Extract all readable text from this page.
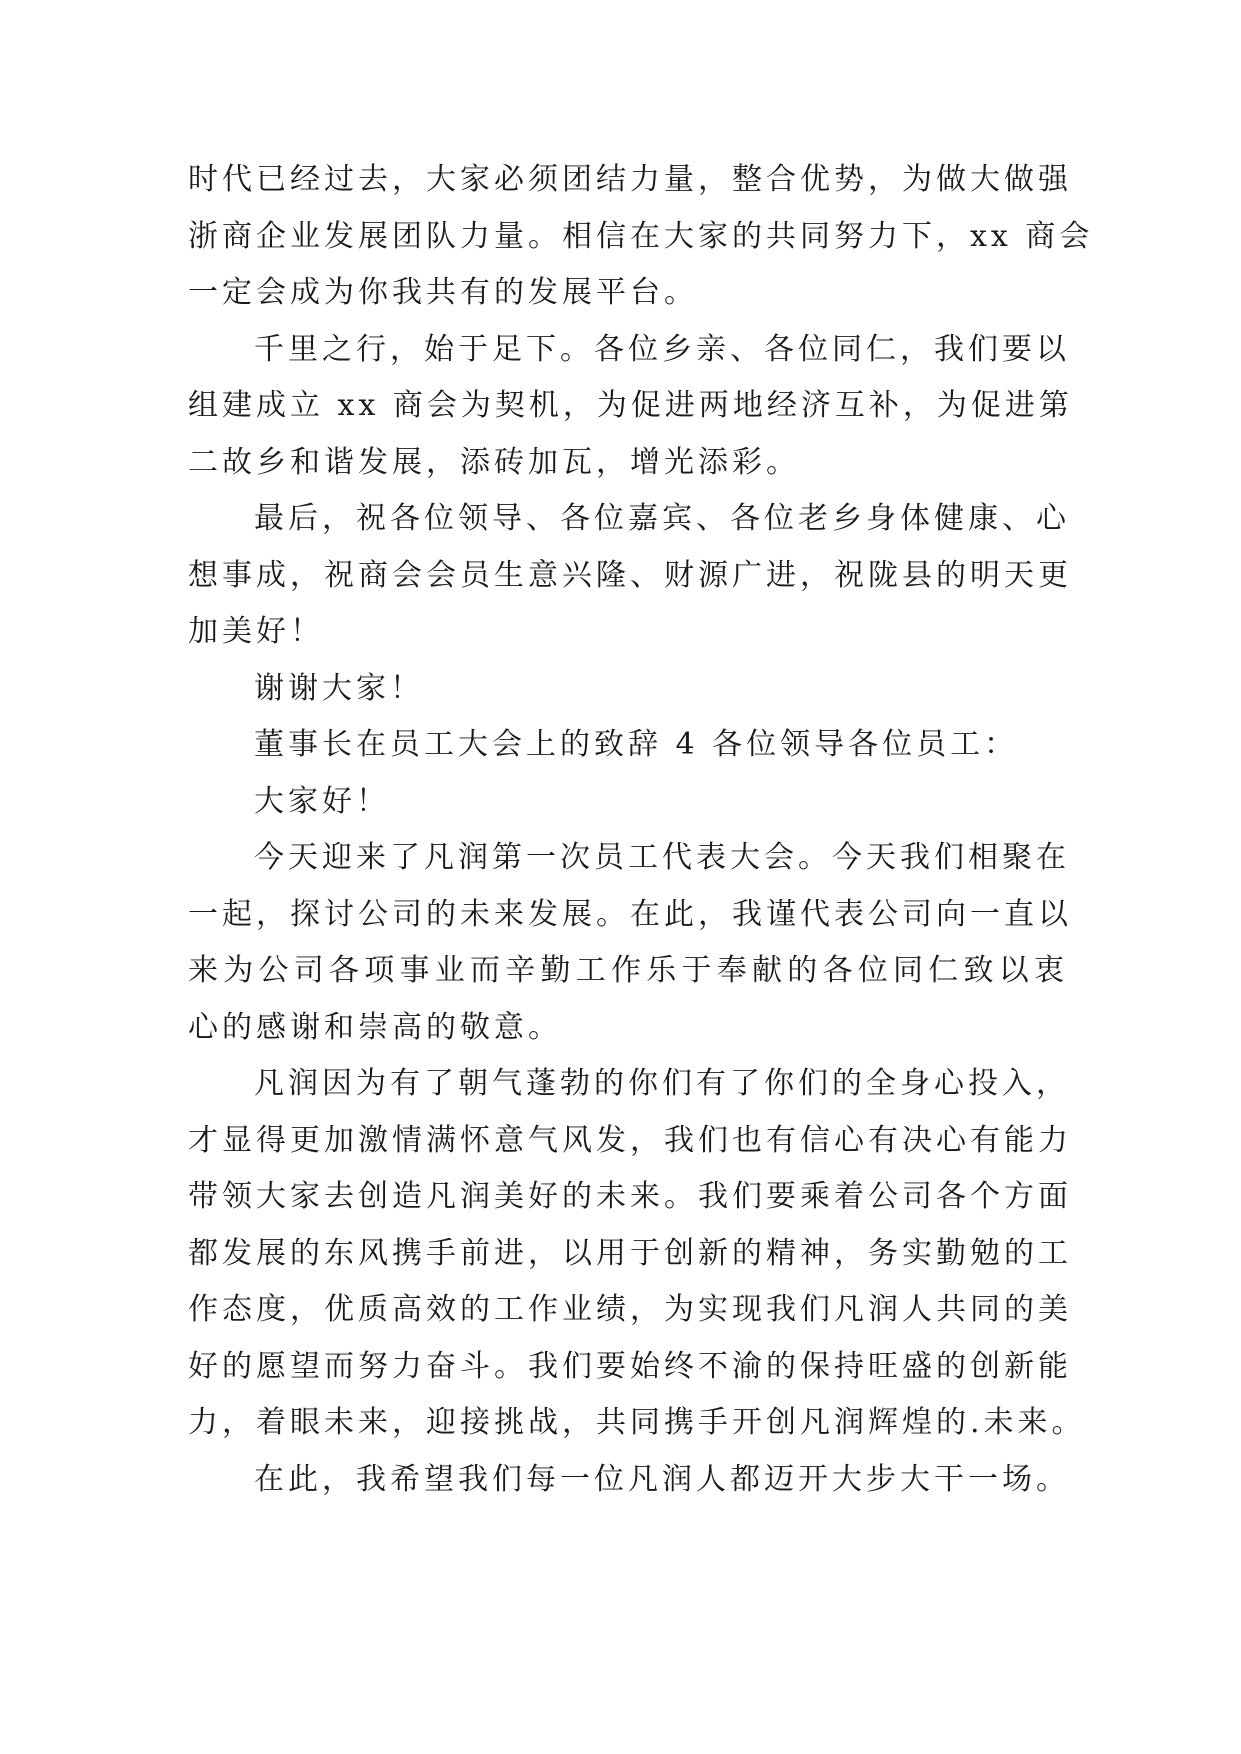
时代已经过去，大家必须团结力量，整合优势，为做大做强
浙商企业发展团队力量。相信在大家的共同努力下，xx 商会
一定会成为你我共有的发展平台。
千里之行，始于足下。各位乡亲、各位同仁，我们要以
组建成立 xx 商会为契机，为促进两地经济互补，为促进第
二故乡和谐发展，添砖加瓦，增光添彩。
最后，祝各位领导、各位嘉宾、各位老乡身体健康、心
想事成，祝商会会员生意兴隆、财源广进，祝陇县的明天更
加美好！
谢谢大家！
董事长在员工大会上的致辞 4 各位领导各位员工：
大家好！
今天迎来了凡润第一次员工代表大会。今天我们相聚在
一起，探讨公司的未来发展。在此，我谨代表公司向一直以
来为公司各项事业而辛勤工作乐于奉献的各位同仁致以衷
心的感谢和崇高的敬意。
凡润因为有了朝气蓬勃的你们有了你们的全身心投入，
才显得更加激情满怀意气风发，我们也有信心有决心有能力
带领大家去创造凡润美好的未来。我们要乘着公司各个方面
都发展的东风携手前进，以用于创新的精神，务实勤勉的工
作态度，优质高效的工作业绩，为实现我们凡润人共同的美
好的愿望而努力奋斗。我们要始终不渝的保持旺盛的创新能
力，着眼未来，迎接挑战，共同携手开创凡润辉煌的.未来。
在此，我希望我们每一位凡润人都迈开大步大干一场。
